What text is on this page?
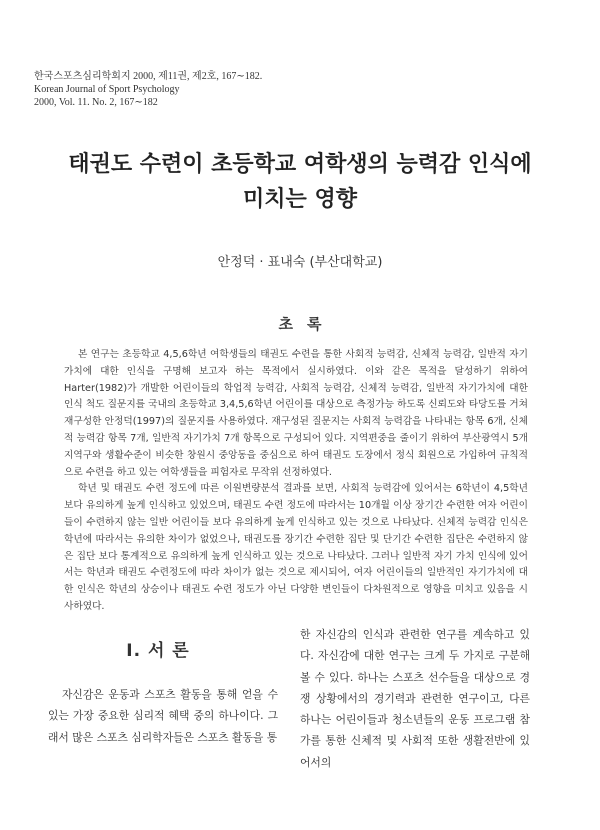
한국스포츠심리학회지 2000, 제11권, 제2호, 167∼182.
Korean Journal of Sport Psychology
2000, Vol. 11. No. 2, 167∼182
태권도 수련이 초등학교 여학생의 능력감 인식에
미치는 영향
안정덕 · 표내숙 (부산대학교)
초록

본 연구는 초등학교 4,5,6학년 여학생들의 태권도 수련을 통한 사회적 능력감, 신체적 능력감, 일반적 자기가치에 대한 인식을 구명해 보고자 하는 목적에서 실시하였다. 이와 같은 목적을 달성하기 위하여 Harter(1982)가 개발한 어린이들의 학업적 능력감, 사회적 능력감, 신체적 능력감, 일반적 자기가치에 대한 인식 척도 질문지를 국내의 초등학교 3,4,5,6학년 어린이를 대상으로 측정가능 하도록 신뢰도와 타당도를 거쳐 재구성한 안정덕(1997)의 질문지를 사용하였다. 재구성된 질문지는 사회적 능력감을 나타내는 항목 6개, 신체적 능력감 항목 7개, 일반적 자기가치 7개 항목으로 구성되어 있다. 지역편중을 줄이기 위하여 부산광역시 5개 지역구와 생활수준이 비슷한 창원시 중앙동을 중심으로 하여 태권도 도장에서 정식 회원으로 가입하여 규칙적으로 수련을 하고 있는 여학생들을 피험자로 무작위 선정하였다.

학년 및 태권도 수련 정도에 따른 이원변량분석 결과를 보면, 사회적 능력감에 있어서는 6학년이 4,5학년 보다 유의하게 높게 인식하고 있었으며, 태권도 수련 정도에 따라서는 10개월 이상 장기간 수련한 여자 어린이들이 수련하지 않는 일반 어린이들 보다 유의하게 높게 인식하고 있는 것으로 나타났다. 신체적 능력감 인식은 학년에 따라서는 유의한 차이가 없었으나, 태권도를 장기간 수련한 집단 및 단기간 수련한 집단은 수련하지 않은 집단 보다 통계적으로 유의하게 높게 인식하고 있는 것으로 나타났다. 그러나 일반적 자기 가치 인식에 있어서는 학년과 태권도 수련정도에 따라 차이가 없는 것으로 제시되어, 여자 어린이들의 일반적인 자기가치에 대한 인식은 학년의 상승이나 태권도 수련 정도가 아닌 다양한 변인들이 다차원적으로 영향을 미치고 있음을 시사하였다.

Ⅰ. 서 론

자신감은 운동과 스포츠 활동을 통해 얻을 수 있는 가장 중요한 심리적 혜택 중의 하나이다. 그래서 많은 스포츠 심리학자들은 스포츠 활동을 통

한 자신감의 인식과 관련한 연구를 계속하고 있다. 자신감에 대한 연구는 크게 두 가지로 구분해 볼 수 있다. 하나는 스포츠 선수들을 대상으로 경쟁 상황에서의 경기력과 관련한 연구이고, 다른 하나는 어린이들과 청소년들의 운동 프로그램 참가를 통한 신체적 및 사회적 또한 생활전반에 있어서의
